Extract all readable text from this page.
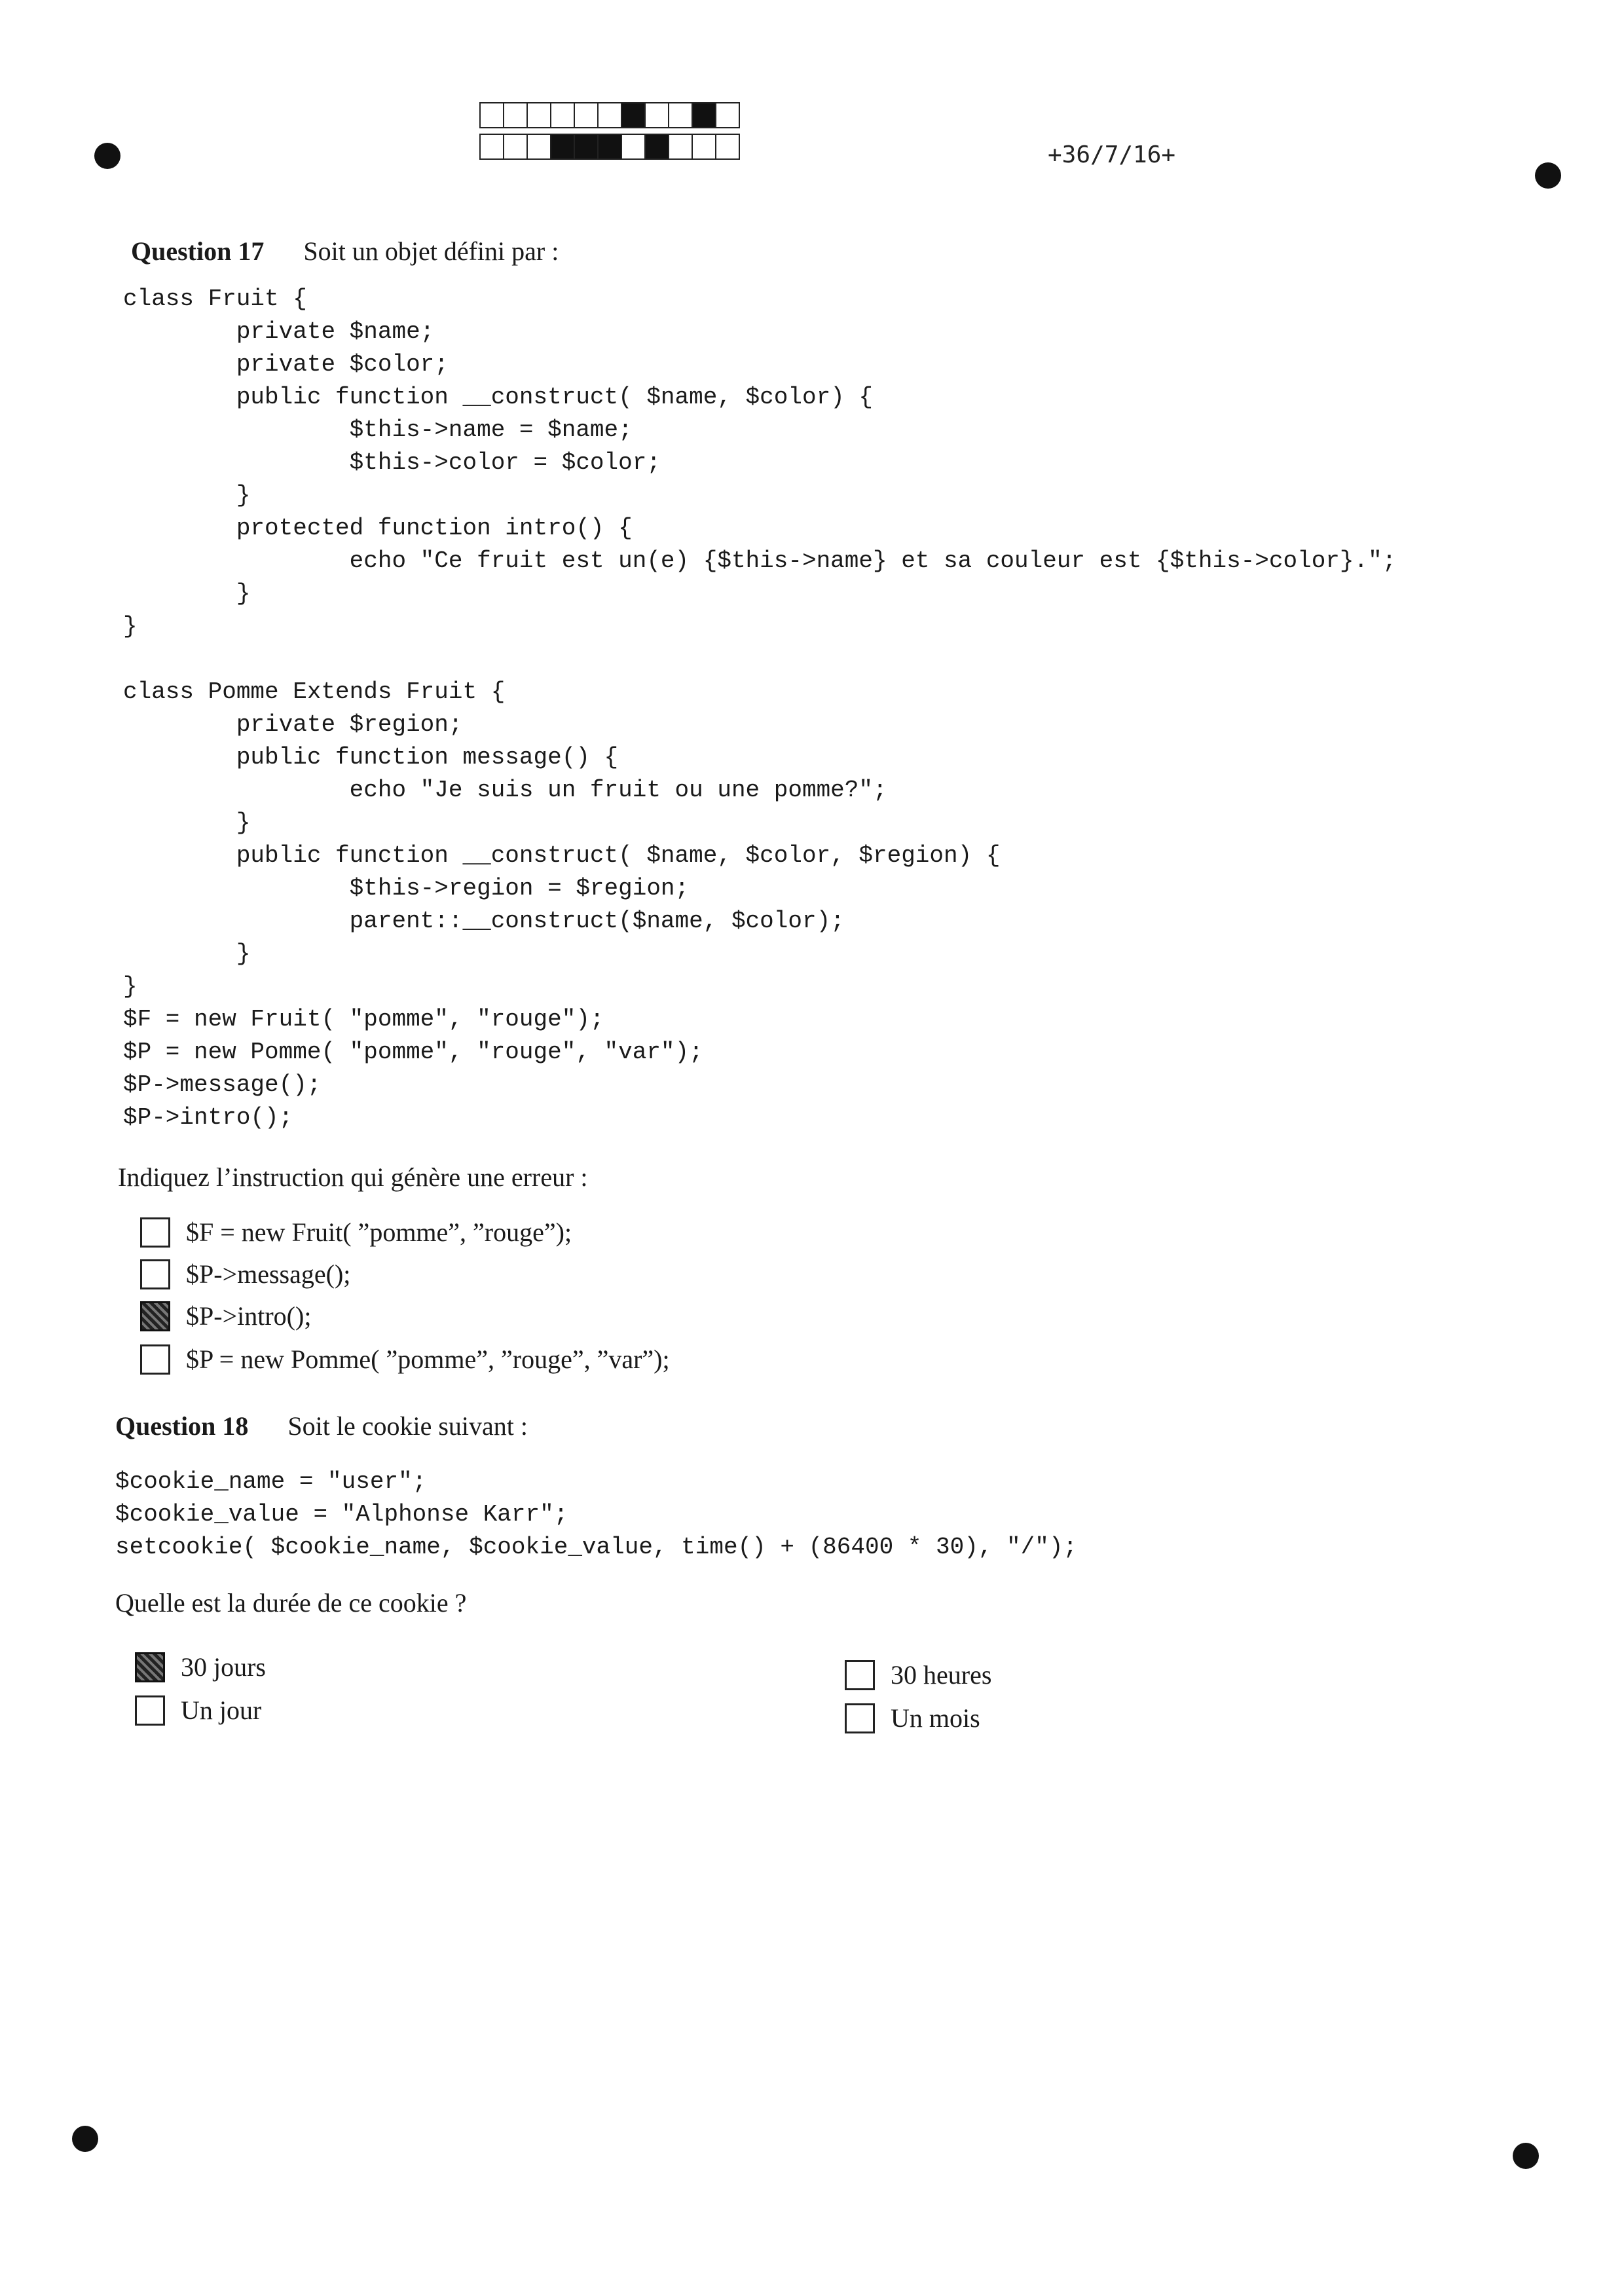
+36/7/16+
Question 17 Soit un objet défini par :
class Fruit {
private $name;
private $color;
public function __construct( $name, $color) {
$this->name = $name;
$this->color = $color;
}
protected function intro() {
echo "Ce fruit est un(e) {$this->name} et sa couleur est {$this->color}.";
}
}

class Pomme Extends Fruit {
private $region;
public function message() {
echo "Je suis un fruit ou une pomme?";
}
public function __construct( $name, $color, $region) {
$this->region = $region;
parent::__construct($name, $color);
}
}
$F = new Fruit( "pomme", "rouge");
$P = new Pomme( "pomme", "rouge", "var");
$P->message();
$P->intro();
Indiquez l’instruction qui génère une erreur :
$F = new Fruit( ”pomme”, ”rouge”);
$P->message();
$P->intro();
$P = new Pomme( ”pomme”, ”rouge”, ”var”);
Question 18 Soit le cookie suivant :
$cookie_name = "user";
$cookie_value = "Alphonse Karr";
setcookie( $cookie_name, $cookie_value, time() + (86400 * 30), "/");
Quelle est la durée de ce cookie ?
30 jours
Un jour
30 heures
Un mois
